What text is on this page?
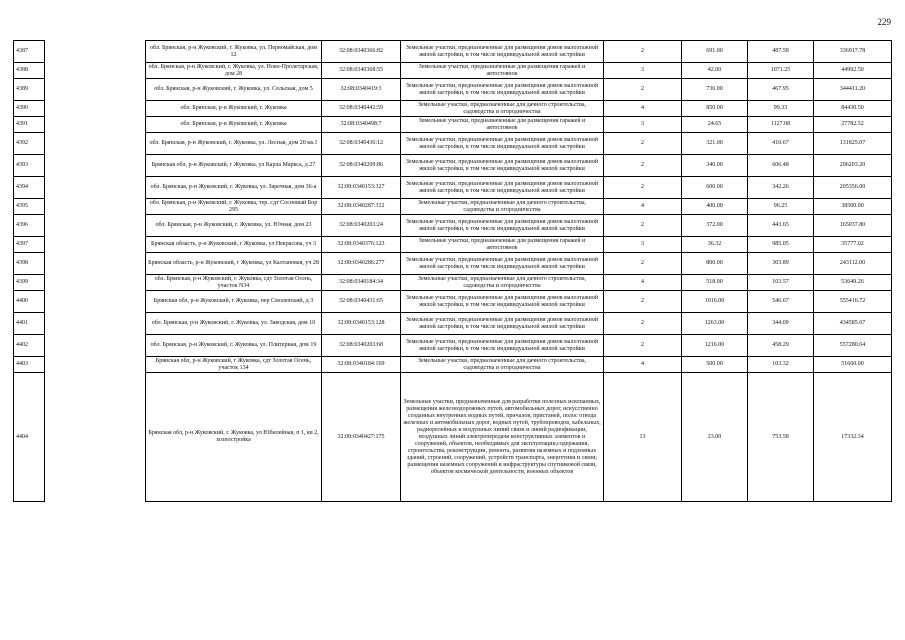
229
4387		обл. Брянская, р-н Жуковский, г. Жуковка, ул. Первомайская, дом 12	32:08:0340366:82	Земельные участки, предназначенные для размещения домов малоэтажной жилой застройки, в том числе индивидуальной жилой застройки	2	691.00	487.58	336917.78
4388		обл. Брянская, р-н Жуковский, г. Жуковка, ул. Ново-Пролетарская, дом 28	32:08:0340368:55	Земельные участки, предназначенные для размещения гаражей и автостоянок	3	42.00	1071.25	44992.50
4389		обл. Брянская, р-н Жуковский, г. Жуковка, ул. Сельская, дом 5	32:08:0340419:3	Земельные участки, предназначенные для размещения домов малоэтажной жилой застройки, в том числе индивидуальной жилой застройки	2	736.00	467.95	344411.20
4390		обл. Брянская, р-н Жуковский, г. Жуковка	32:08:0340442:59	Земельные участки, предназначенные для дачного строительства, садоводства и огородничества	4	850.00	99.33	84430.50
4391		обл. Брянская, р-н Жуковский, г. Жуковка	32:08:0340498:7	Земельные участки, предназначенные для размещения гаражей и автостоянок	3	24.65	1127.08	27782.52
4392		обл. Брянская, р-н Жуковский, г. Жуковка, ул. Лесная, дом 20 кв.1	32:08:0340436:12	Земельные участки, предназначенные для размещения домов малоэтажной жилой застройки, в том числе индивидуальной жилой застройки	2	321.00	410.67	131825.07
4393		Брянская обл, р-н Жуковский, г Жуковка, ул Карла Маркса, д 27	32:08:0340209:86	Земельные участки, предназначенные для размещения домов малоэтажной жилой застройки, в том числе индивидуальной жилой застройки	2	340.00	606.48	206203.20
4394		обл. Брянская, р-н Жуковский, г. Жуковка, ул. Заречная, дом 36-а	32:08:0340153:327	Земельные участки, предназначенные для размещения домов малоэтажной жилой застройки, в том числе индивидуальной жилой застройки	2	600.00	342.26	205356.00
4395		обл. Брянская, р-н Жуковский, г. Жуковка, тер. сдт Сосновый Бор 295	32:08:0340287:312	Земельные участки, предназначенные для дачного строительства, садоводства и огородничества	4	400.00	96.25	38500.00
4396		обл. Брянская, р-н Жуковский, г. Жуковка, ул. Ючная, дом 23	32:08:0340203:24	Земельные участки, предназначенные для размещения домов малоэтажной жилой застройки, в том числе индивидуальной жилой застройки	2	372.00	443.65	165037.80
4397		Брянская область, р-н Жуковский, г Жуковка, ул Некрасова, уч 3	32:08:0340376:123	Земельные участки, предназначенные для размещения гаражей и автостоянок	3	36.32	985.05	35777.02
4398		Брянская область, р-н Жуковский, г Жуковка, ул Калтановая, уч 28	32:08:0340286:277	Земельные участки, предназначенные для размещения домов малоэтажной жилой застройки, в том числе индивидуальной жилой застройки	2	800.00	303.89	243112.00
4399		обл. Брянская, р-н Жуковский, г. Жуковка, сдт Золотая Осень, участок N34	32:08:0340184:34	Земельные участки, предназначенные для дачного строительства, садоводства и огородничества	4	518.00	103.57	53649.26
4400		Брянская обл, р-н Жуковский, г Жуковка, пер Смоленский, д 3	32:08:0340431:65	Земельные участки, предназначенные для размещения домов малоэтажной жилой застройки, в том числе индивидуальной жилой застройки	2	1016.00	546.67	555416.72
4401		обл. Брянская, р-н Жуковский, г. Жуковка, ул. Заводская, дом 10	32:08:0340153:128	Земельные участки, предназначенные для размещения домов малоэтажной жилой застройки, в том числе индивидуальной жилой застройки	2	1263.00	344.09	434585.67
4402		обл. Брянская, р-н Жуковский, г. Жуковка, ул. Плитерная, дом 19	32:08:0340203:68	Земельные участки, предназначенные для размещения домов малоэтажной жилой застройки, в том числе индивидуальной жилой застройки	2	1216.00	458.29	557280.64
4403		Брянская обл, р-н Жуковский, г Жуковка, сдт Золотая Осень, участок 134	32:08:0340184:169	Земельные участки, предназначенные для дачного строительства, садоводства и огородничества	4	500.00	103.32	51660.00
4404		Брянская обл, р-н Жуковский, г. Жуковка, ул Юбилейная, п 1, кв 2, хозпостройка	32:08:0340427:175	Земельные участки, предназначенные для разработки полезных ископаемых, размещения железнодорожных путей, автомобильных дорог, искусственно созданных внутренних водных путей, причалов, пристаней, полос отвода железных и автомобильных дорог, водных путей, трубопроводов, кабельных, радиорелейных и воздушных линий связи и линий радиофикации, воздушных линий электропередачи конструктивных элементов и сооружений, объектов, необходимых для эксплуатации,содержания, строительства, реконструкции, ремонта, развития наземных и подземных зданий, строений, сооружений, устройств транспорта, энергетики и связи; размещения наземных сооружений и инфраструктуры спутниковой связи, объектов космической деятельности, военных объектов	13	23.00	753.58	17332.34
